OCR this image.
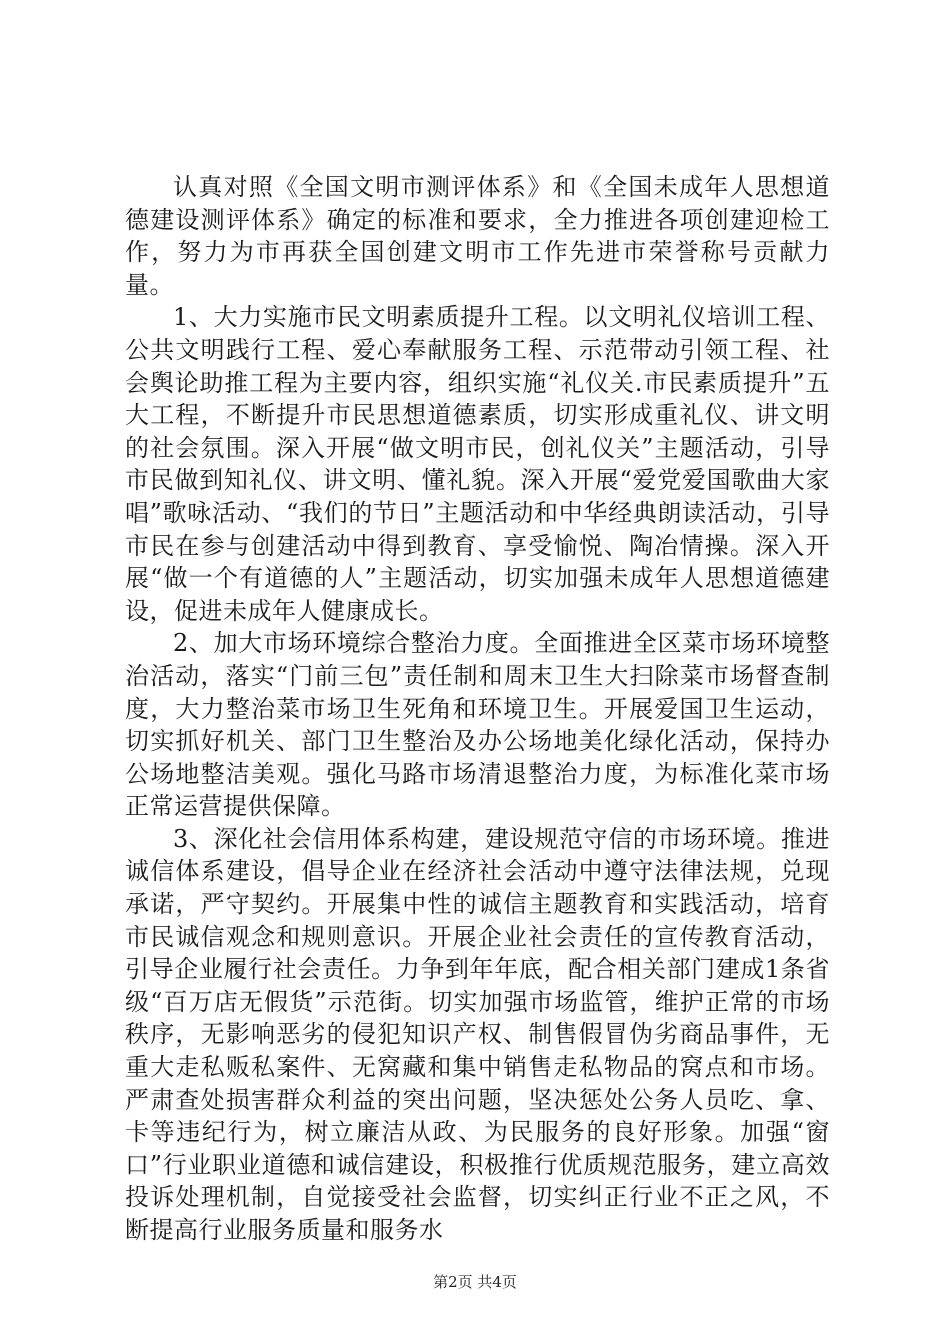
认真对照《全国文明市测评体系》和《全国未成年人思想道德建设测评体系》确定的标准和要求，全力推进各项创建迎检工作，努力为市再获全国创建文明市工作先进市荣誉称号贡献力量。

1、大力实施市民文明素质提升工程。以文明礼仪培训工程、公共文明践行工程、爱心奉献服务工程、示范带动引领工程、社会舆论助推工程为主要内容，组织实施“礼仪关.市民素质提升”五大工程，不断提升市民思想道德素质，切实形成重礼仪、讲文明的社会氛围。深入开展“做文明市民，创礼仪关”主题活动，引导市民做到知礼仪、讲文明、懂礼貌。深入开展“爱党爱国歌曲大家唱”歌咏活动、“我们的节日”主题活动和中华经典朗读活动，引导市民在参与创建活动中得到教育、享受愉悦、陶冶情操。深入开展“做一个有道德的人”主题活动，切实加强未成年人思想道德建设，促进未成年人健康成长。

2、加大市场环境综合整治力度。全面推进全区菜市场环境整治活动，落实“门前三包”责任制和周末卫生大扫除菜市场督查制度，大力整治菜市场卫生死角和环境卫生。开展爱国卫生运动，切实抓好机关、部门卫生整治及办公场地美化绿化活动，保持办公场地整洁美观。强化马路市场清退整治力度，为标准化菜市场正常运营提供保障。

3、深化社会信用体系构建，建设规范守信的市场环境。推进诚信体系建设，倡导企业在经济社会活动中遵守法律法规，兑现承诺，严守契约。开展集中性的诚信主题教育和实践活动，培育市民诚信观念和规则意识。开展企业社会责任的宣传教育活动，引导企业履行社会责任。力争到年年底，配合相关部门建成1条省级“百万店无假货”示范街。切实加强市场监管，维护正常的市场秩序，无影响恶劣的侵犯知识产权、制售假冒伪劣商品事件，无重大走私贩私案件、无窝藏和集中销售走私物品的窝点和市场。严肃查处损害群众利益的突出问题，坚决惩处公务人员吃、拿、卡等违纪行为，树立廉洁从政、为民服务的良好形象。加强“窗口”行业职业道德和诚信建设，积极推行优质规范服务，建立高效投诉处理机制，自觉接受社会监督，切实纠正行业不正之风，不断提高行业服务质量和服务水

第2页 共4页
